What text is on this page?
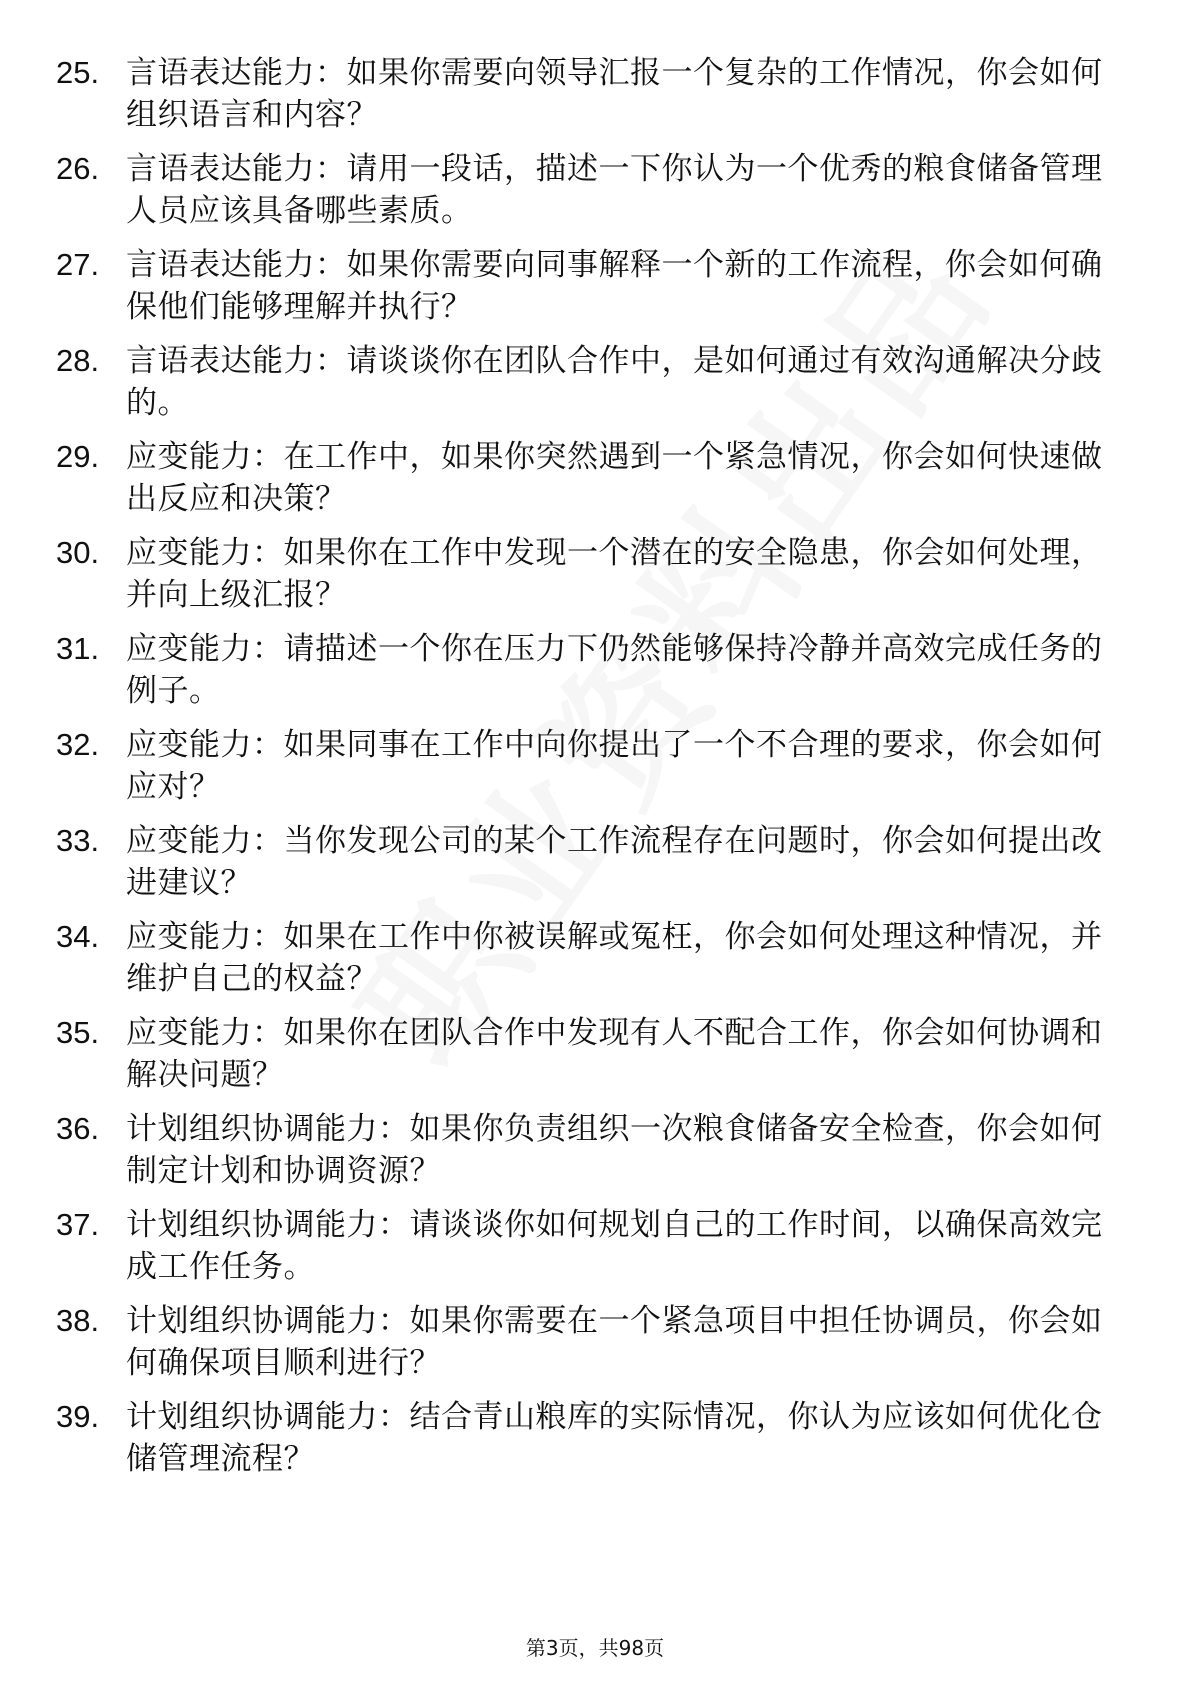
25. 言语表达能力：如果你需要向领导汇报一个复杂的工作情况，你会如何组织语言和内容？
26. 言语表达能力：请用一段话，描述一下你认为一个优秀的粮食储备管理人员应该具备哪些素质。
27. 言语表达能力：如果你需要向同事解释一个新的工作流程，你会如何确保他们能够理解并执行？
28. 言语表达能力：请谈谈你在团队合作中，是如何通过有效沟通解决分歧的。
29. 应变能力：在工作中，如果你突然遇到一个紧急情况，你会如何快速做出反应和决策？
30. 应变能力：如果你在工作中发现一个潜在的安全隐患，你会如何处理，并向上级汇报？
31. 应变能力：请描述一个你在压力下仍然能够保持冷静并高效完成任务的例子。
32. 应变能力：如果同事在工作中向你提出了一个不合理的要求，你会如何应对？
33. 应变能力：当你发现公司的某个工作流程存在问题时，你会如何提出改进建议？
34. 应变能力：如果在工作中你被误解或冤枉，你会如何处理这种情况，并维护自己的权益？
35. 应变能力：如果你在团队合作中发现有人不配合工作，你会如何协调和解决问题？
36. 计划组织协调能力：如果你负责组织一次粮食储备安全检查，你会如何制定计划和协调资源？
37. 计划组织协调能力：请谈谈你如何规划自己的工作时间，以确保高效完成工作任务。
38. 计划组织协调能力：如果你需要在一个紧急项目中担任协调员，你会如何确保项目顺利进行？
39. 计划组织协调能力：结合青山粮库的实际情况，你认为应该如何优化仓储管理流程？
第3页，共98页
